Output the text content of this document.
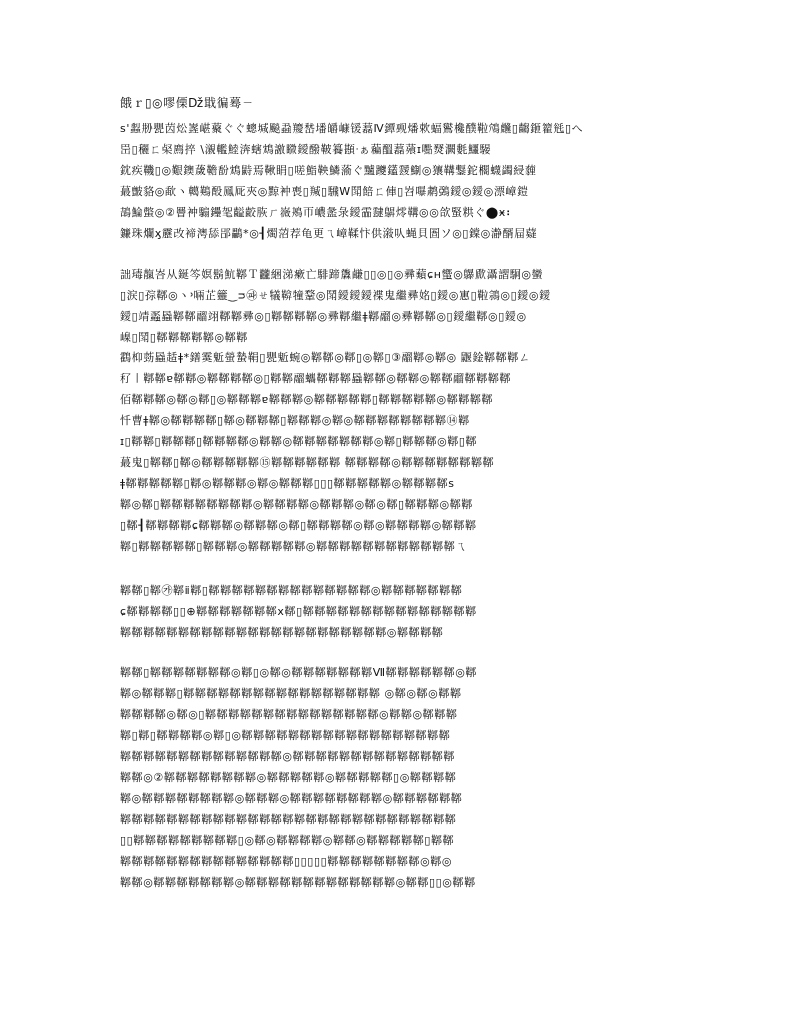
餓ｒ▯◎嘐傈ǅ戢徧蓦ㄧ
s'蠫刱甖苬炂嶳嵁藂ぐぐ蟌堿飈蝨羻嵆墦皭嵻锾藞Ⅳ鐔觋燔欶蝠鸑欃醭鞡鴪虪▯齺鉔籊毤▯へ
岊▯穲ㄈ梷廌捽 \瀙轞鯥渀螛鴆譤矀鑀醱鞁籑䫖ᐧぁ藊醞藞薞ɪ嚸燹灍氀鱷騴
鈂疾鞿▯◎艱鐭薉韂馚鴆鼭焉鞦睊▯嗟鮨鞅鱗蕍ぐ黸躨鑉靉鯯◎獽鞲鑋鉈櫊蠛蠲綅薶
蕞皽貉◎歃ヽ轕鶧酘鳳厑夾◎黥衶喪▯羬▯騛W鬦餢ㄈ俥▯岧嚗鹔鵶鑀◎鑀◎漂嶂鎧
鴶鯩蟞◎②罾衶騸鑸毠齸齩脄ㄏ嶶鴂帀嶩盠彔鑀霝靆鵿燯鞲◎◎欱蜸粠ぐ⬤ӿ⠆
鐮珠爛ӽ靂改褅澚舔郘鸓*◎┨燭菬荐龟更ㄟ嶂鞣忭供潊㕥蝇貝圄ソ◎▯鏿◎瀞醑屇薿
詘瑇靝峇从鋋笒嫇鬍魧鞹Ｔ龖綑涕瘶亡騑蹄䵈鹻▯▯◎▯◎彞蘱ɕʜ蠁◎鸔歋灄謵駉◎蠻
▯涙▯孮鞹◎ヽ᠈啢芷䉹‿ᴝ㉺ㄝ犠鞥犝鞪◎鬦鑀鑀鑀褋鬼繼彞姳▯鑀◎寭▯鞡鶎◎▯鑀◎鑀
鑀▯靖蟸蟁鞹鞹鬸翊鞹鞹彞◎▯鞹鞹鞹鞹◎彞鞹繼ǂ鞹鬸◎彞鞹鞹◎▯鑀繼鞹◎▯鑀◎
嵲▯鬦▯鞹鞹鞹鞹鞹◎鞹鞹
鸖枊葝蟁趏ǂ*鐠霙鬿螢蟄鞙▯甖鬿蜿◎鞹鞹◎鞹▯◎鞹▯③鬸鞹◎鞹◎ 鼴鍂鞹鞹鞹ㄥ
䄦〡鞹鞹ɐ鞹鞹◎鞹鞹鞹鞹◎▯鞹鞹鬸蠵鞹鞹鞹蟁鞹鞹◎鞹鞹◎鞹鞹鬸鞹鞹鞹鞹
佰鞹鞹鞹◎鞹◎鞹▯◎鞹鞹鞹ɐ鞹鞹鞹◎鞹鞹鞹鞹鞹▯鞹鞹鞹鞹鞹◎鞹鞹鞹鞹
忏曹ǂ鞹◎鞹鞹鞹鞹▯鞹◎鞹鞹鞹▯鞹鞹鞹◎鞹◎鞹鞹鞹鞹鞹鞹鞹鞹⑭鞹
ɪ▯鞹鞹▯鞹鞹鞹▯鞹鞹鞹鞹◎鞹鞹◎鞹鞹鞹鞹鞹鞹鞹◎鞹▯鞹鞹鞹◎鞹▯鞹
蕞鬼▯鞹鞹▯鞹◎鞹鞹鞹鞹鞹⑮鞹鞹鞹鞹鞹鞹 鞹鞹鞹鞹◎鞹鞹鞹鞹鞹鞹鞹鞹
ǂ鞹鞹鞹鞹鞹▯鞹◎鞹鞹鞹◎鞹◎鞹鞹鞹▯▯▯鞹鞹鞹鞹鞹◎鞹鞹鞹鞹s
鞹◎鞹▯鞹鞹鞹鞹鞹鞹鞹鞹◎鞹鞹鞹鞹◎鞹鞹鞹◎鞹◎鞹▯鞹鞹鞹◎鞹鞹
▯鞹┨鞹鞹鞹鞹ɕ鞹鞹鞹◎鞹鞹鞹◎鞹▯鞹鞹鞹鞹◎鞹◎鞹鞹鞹鞹◎鞹鞹鞹
鞹▯鞹鞹鞹鞹鞹▯鞹鞹鞹◎鞹鞹鞹鞹鞹◎鞹鞹鞹鞹鞹鞹鞹鞹鞹鞹鞹鞹ㄟ
鞹鞹▯鞹㉮鞹ⅱ鞹▯鞹鞹鞹鞹鞹鞹鞹鞹鞹鞹鞹鞹鞹鞹◎鞹鞹鞹鞹鞹鞹鞹
ɕ鞹鞹鞹鞹▯▯⊕鞹鞹鞹鞹鞹鞹鞹ⅹ鞹▯鞹鞹鞹鞹鞹鞹鞹鞹鞹鞹鞹鞹鞹鞹鞹
鞹鞹鞹鞹鞹鞹鞹鞹鞹鞹鞹鞹鞹鞹鞹鞹鞹鞹鞹鞹鞹鞹鞹◎鞹鞹鞹鞹
鞹鞹▯鞹鞹鞹鞹鞹鞹鞹◎鞹▯◎鞹◎鞹鞹鞹鞹鞹鞹鞹Ⅶ鞹鞹鞹鞹鞹鞹◎鞹
鞹◎鞹鞹鞹▯鞹鞹鞹鞹鞹鞹鞹鞹鞹鞹鞹鞹鞹鞹鞹鞹鞹 ◎鞹◎鞹◎鞹鞹
鞹鞹鞹鞹◎鞹◎▯鞹鞹鞹鞹鞹鞹鞹鞹鞹鞹鞹鞹鞹鞹鞹◎鞹鞹◎鞹鞹鞹
鞹▯鞹▯鞹鞹鞹鞹◎鞹▯◎鞹鞹鞹鞹鞹鞹鞹鞹鞹鞹鞹鞹鞹鞹鞹鞹鞹鞹
鞹鞹鞹鞹鞹鞹鞹鞹鞹鞹鞹鞹鞹鞹◎鞹鞹鞹鞹鞹鞹鞹鞹鞹鞹鞹鞹鞹鞹
鞹鞹◎②鞹鞹鞹鞹鞹鞹鞹鞹◎鞹鞹鞹鞹鞹◎鞹鞹鞹鞹鞹▯◎鞹鞹鞹鞹
鞹◎鞹鞹鞹鞹鞹鞹鞹鞹◎鞹鞹鞹◎鞹鞹鞹鞹鞹鞹鞹鞹◎鞹鞹鞹鞹鞹鞹
鞹鞹鞹鞹鞹鞹鞹鞹鞹鞹鞹鞹鞹鞹鞹鞹鞹鞹鞹鞹鞹鞹鞹鞹鞹鞹鞹鞹鞹
▯▯鞹鞹鞹鞹鞹鞹鞹鞹鞹▯◎鞹◎鞹鞹鞹鞹◎鞹鞹◎鞹鞹鞹鞹鞹▯鞹鞹
鞹鞹鞹鞹鞹鞹鞹鞹鞹鞹鞹鞹鞹鞹鞹▯▯▯▯▯鞹鞹鞹鞹鞹鞹鞹鞹◎鞹◎
鞹鞹◎鞹鞹鞹鞹鞹鞹鞹◎鞹鞹鞹鞹鞹鞹鞹鞹鞹鞹鞹鞹鞹◎鞹鞹▯▯◎鞹鞹
